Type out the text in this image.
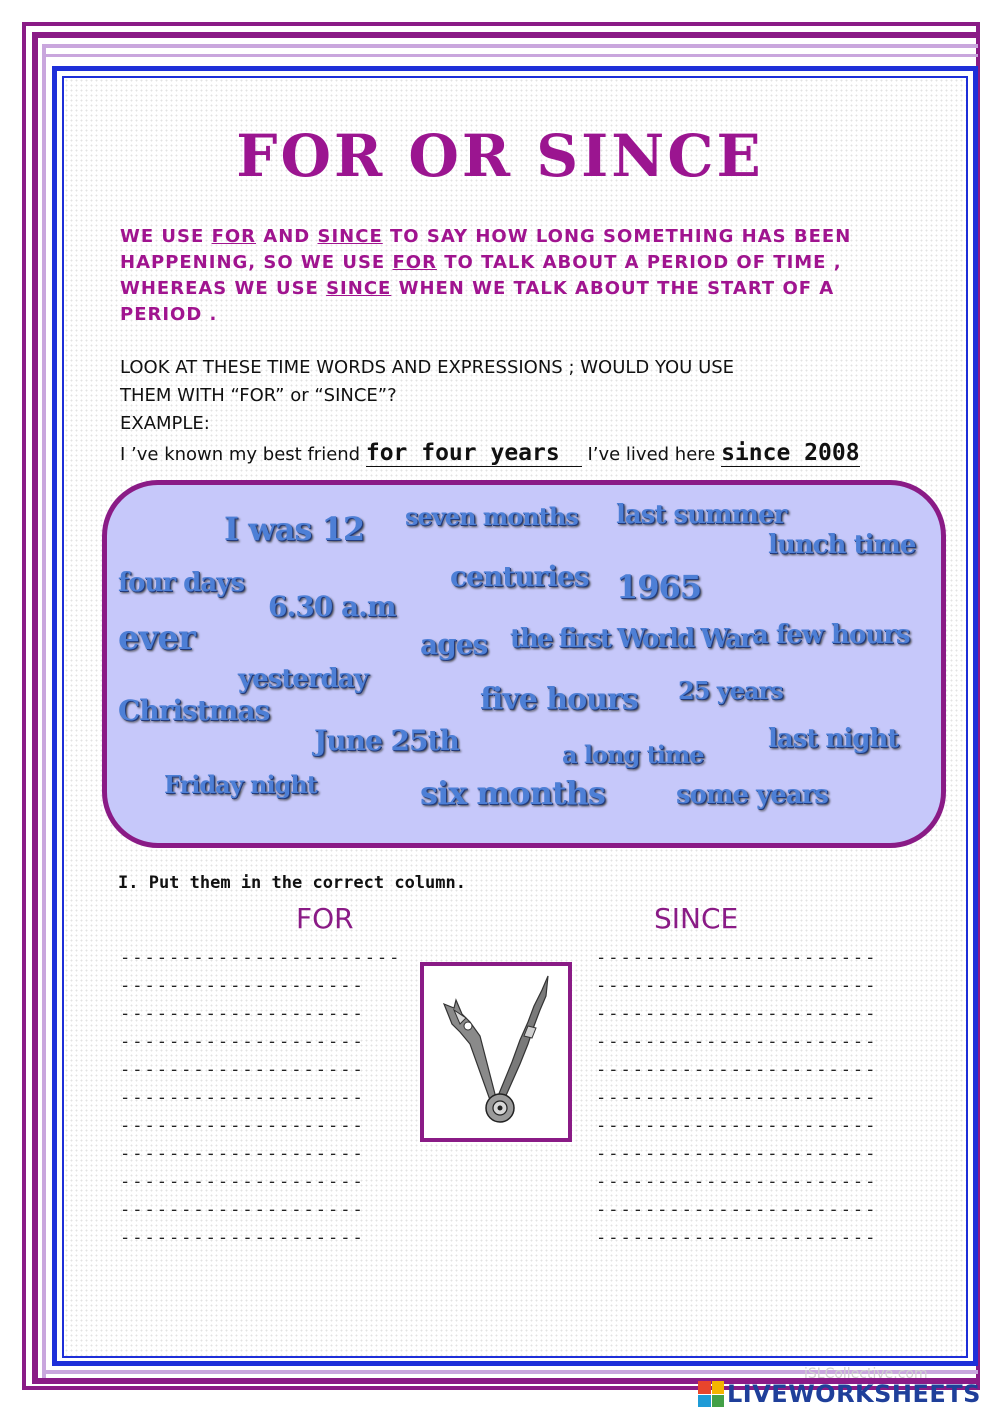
FOR OR SINCE
WE USE FOR AND SINCE TO SAY HOW LONG SOMETHING HAS BEEN HAPPENING, SO WE USE FOR TO TALK ABOUT A PERIOD OF TIME , WHEREAS WE USE SINCE WHEN WE TALK ABOUT THE START OF A PERIOD .
LOOK AT THESE TIME WORDS AND EXPRESSIONS ; WOULD YOU USE
THEM WITH “FOR” or “SINCE”?
EXAMPLE:
I ’ve known my best friend for four years I’ve lived here since 2008
I was 12 seven months last summer
lunch time
four days
6.30 a.m
centuries 1965
ever	ages the first World War a few hours
yesterday
Christmas	five hours 25 years
June 25th	a long time
last night
Friday night	six months	some years
I. Put them in the correct column.
FOR	SINCE
-----------------------
--------------------
--------------------
--------------------
--------------------
--------------------
--------------------
--------------------
--------------------
--------------------
--------------------
-----------------------
-----------------------
-----------------------
-----------------------
-----------------------
-----------------------
-----------------------
-----------------------
-----------------------
-----------------------
-----------------------
iSLCollective.com
LIVEWORKSHEETS
